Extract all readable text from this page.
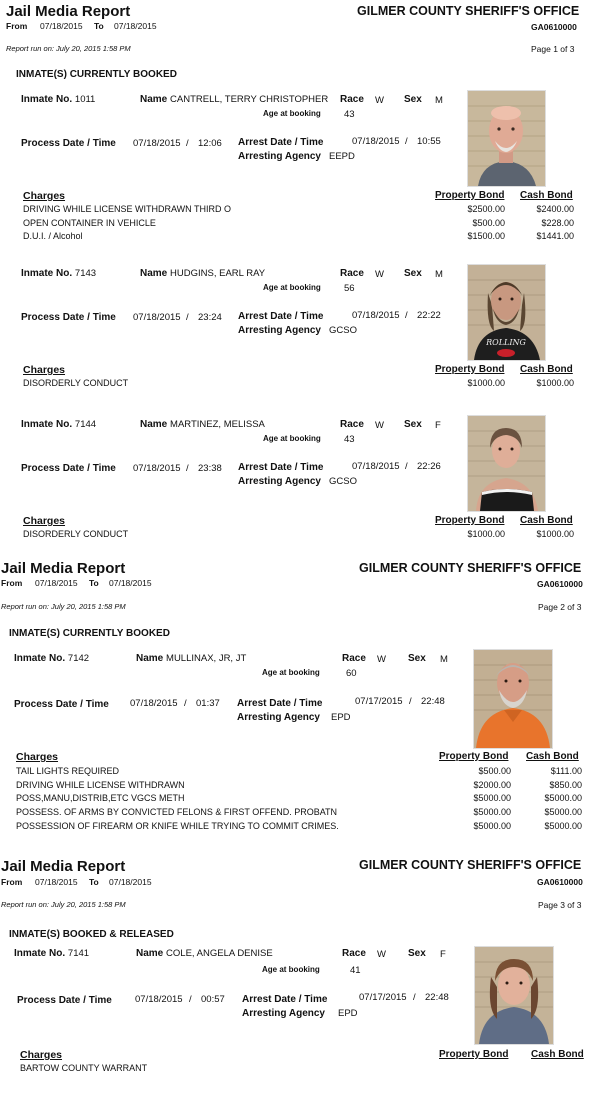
Jail Media Report	GILMER COUNTY SHERIFF'S OFFICE
From 07/18/2015 To 07/18/2015	GA0610000
Report run on: July 20, 2015 1:58 PM	Page 1 of 3
INMATE(S) CURRENTLY BOOKED
Inmate No. 1011	Name CANTRELL, TERRY CHRISTOPHER Race W Sex M
Age at booking 43
Process Date / Time 07/18/2015 / 12:06 Arrest Date / Time	07/18/2015 / 10:55
Arresting Agency EEPD
Charges	Property Bond Cash Bond
DRIVING WHILE LICENSE WITHDRAWN THIRD O	$2500.00	$2400.00
OPEN CONTAINER IN VEHICLE	$500.00	$228.00
D.U.I. / Alcohol	$1500.00	$1441.00
Inmate No. 7143	Name HUDGINS, EARL RAY	Race W Sex M
Age at booking 56
Process Date / Time 07/18/2015 / 23:24 Arrest Date / Time	07/18/2015 / 22:22
Arresting Agency GCSO
ROLLING
Charges	Property Bond Cash Bond
DISORDERLY CONDUCT	$1000.00	$1000.00
Inmate No. 7144	Name MARTINEZ, MELISSA	Race W Sex F
Age at booking 43
Process Date / Time 07/18/2015 / 23:38 Arrest Date / Time	07/18/2015 / 22:26
Arresting Agency GCSO
Charges	Property Bond Cash Bond
DISORDERLY CONDUCT	$1000.00	$1000.00
Jail Media Report	GILMER COUNTY SHERIFF'S OFFICE
From 07/18/2015 To 07/18/2015	GA0610000
Report run on: July 20, 2015 1:58 PM	Page 2 of 3
INMATE(S) CURRENTLY BOOKED
Inmate No. 7142	Name MULLINAX, JR, JT	Race W Sex M
Age at booking	60
Process Date / Time 07/18/2015 / 01:37 Arrest Date / Time	07/17/2015 / 22:48
Arresting Agency EPD
Charges	Property Bond Cash Bond
TAIL LIGHTS REQUIRED	$500.00	$111.00
DRIVING WHILE LICENSE WITHDRAWN	$2000.00	$850.00
POSS,MANU,DISTRIB,ETC VGCS METH	$5000.00	$5000.00
POSSESS. OF ARMS BY CONVICTED FELONS & FIRST OFFEND. PROBATN	$5000.00	$5000.00
POSSESSION OF FIREARM OR KNIFE WHILE TRYING TO COMMIT CRIMES.	$5000.00	$5000.00
Jail Media Report	GILMER COUNTY SHERIFF'S OFFICE
From 07/18/2015 To 07/18/2015	GA0610000
Report run on: July 20, 2015 1:58 PM	Page 3 of 3
INMATE(S) BOOKED & RELEASED
Inmate No. 7141	Name COLE, ANGELA DENISE	Race W Sex F
Age at booking	41
Process Date / Time 07/18/2015 / 00:57 Arrest Date / Time	07/17/2015 / 22:48
Arresting Agency EPD
Charges	Property Bond Cash Bond
BARTOW COUNTY WARRANT
